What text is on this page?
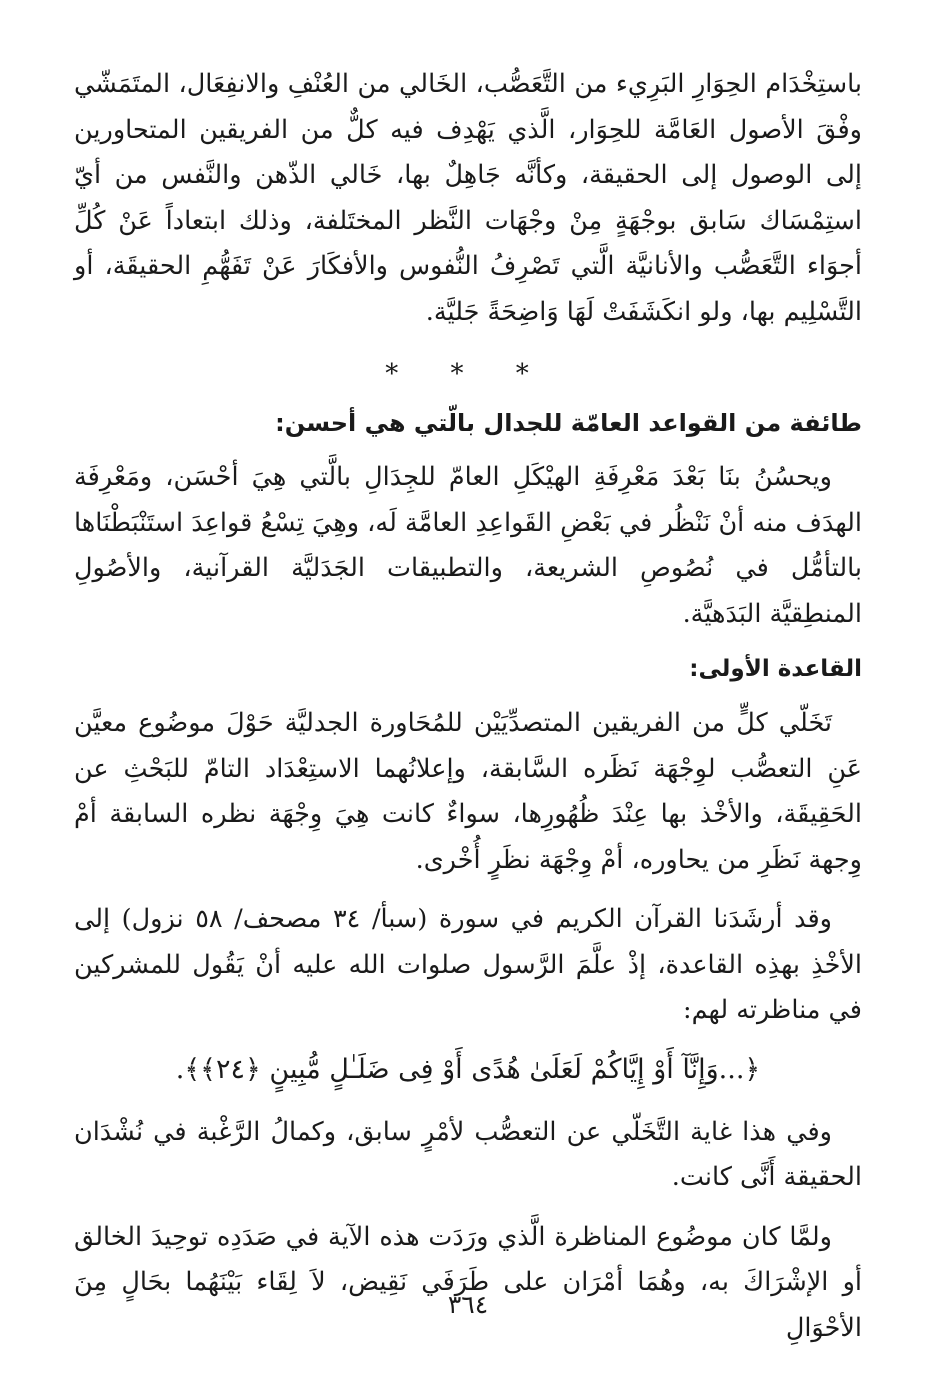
باستِخْدَام الحِوَارِ البَرِيء من التَّعَصُّب، الخَالي من العُنْفِ والانفِعَال، المتَمَشّي وفْقَ الأصول العَامَّة للحِوَار، الَّذي يَهْدِف فيه كلٌّ من الفريقين المتحاورين إلى الوصول إلى الحقيقة، وكأنَّه جَاهِلٌ بها، خَالي الذّهن والنَّفس من أيّ استِمْسَاك سَابق بوجْهَةٍ مِنْ وجْهَات النَّظر المختَلفة، وذلك ابتعاداً عَنْ كُلِّ أجوَاء التَّعَصُّب والأنانيَّة الَّتي تَصْرِفُ النُّفوس والأفكَارَ عَنْ تَفَهُّمِ الحقيقَة، أو التَّسْلِيم بها، ولو انكَشَفَتْ لَهَا وَاضِحَةً جَليَّة.

* * *
طائفة من القواعد العامّة للجدال بالّتي هي أحسن:

ويحسُنُ بنَا بَعْدَ مَعْرِفَةِ الهيْكَلِ العامّ للجِدَالِ بالَّتي هِيَ أحْسَن، ومَعْرِفَة الهدَف منه أنْ نَنْظُر في بَعْضِ القَواعِدِ العامَّة لَه، وهِيَ تِسْعُ قواعِدَ استَنْبَطْنَاها بالتأمُّل في نُصُوصِ الشريعة، والتطبيقات الجَدَليَّة القرآنية، والأصُولِ المنطِقيَّة البَدَهيَّة.

القاعدة الأولى:

تَخَلّي كلٍّ من الفريقين المتصدِّيَيْن للمُحَاورة الجدليَّة حَوْلَ موضُوع معيَّن عَنِ التعصُّب لوِجْهَة نَظَره السَّابقة، وإعلانُهما الاستِعْدَاد التامّ للبَحْثِ عن الحَقِيقَة، والأخْذ بها عِنْدَ ظُهُورِها، سواءٌ كانت هِيَ وِجْهَة نظره السابقة أمْ وِجهة نَظَرِ من يحاوره، أمْ وِجْهَة نظَرٍ أُخْرى.

وقد أرشَدَنا القرآن الكريم في سورة (سبأ/ ٣٤ مصحف/ ٥٨ نزول) إلى الأخْذِ بهذِه القاعدة، إذْ علَّمَ الرَّسول صلوات الله عليه أنْ يَقُول للمشركين في مناظرته لهم:

﴿...وَإِنَّآ أَوْ إِيَّاكُمْ لَعَلَىٰ هُدًى أَوْ فِى ضَلَـٰلٍ مُّبِينٍ ﴿٢٤﴾﴾.

وفي هذا غاية التَّخَلّي عن التعصُّب لأمْرٍ سابق، وكمالُ الرَّغْبة في نُشْدَان الحقيقة أَنَّى كانت.

ولمَّا كان موضُوع المناظرة الَّذي ورَدَت هذه الآية في صَدَدِه توحِيدَ الخالق أو الإشْرَاكَ به، وهُمَا أمْرَان على طَرَفَي نَقِيض، لاَ لِقَاء بَيْنَهُما بحَالٍ مِنَ الأحْوَالِ

٣٦٤
